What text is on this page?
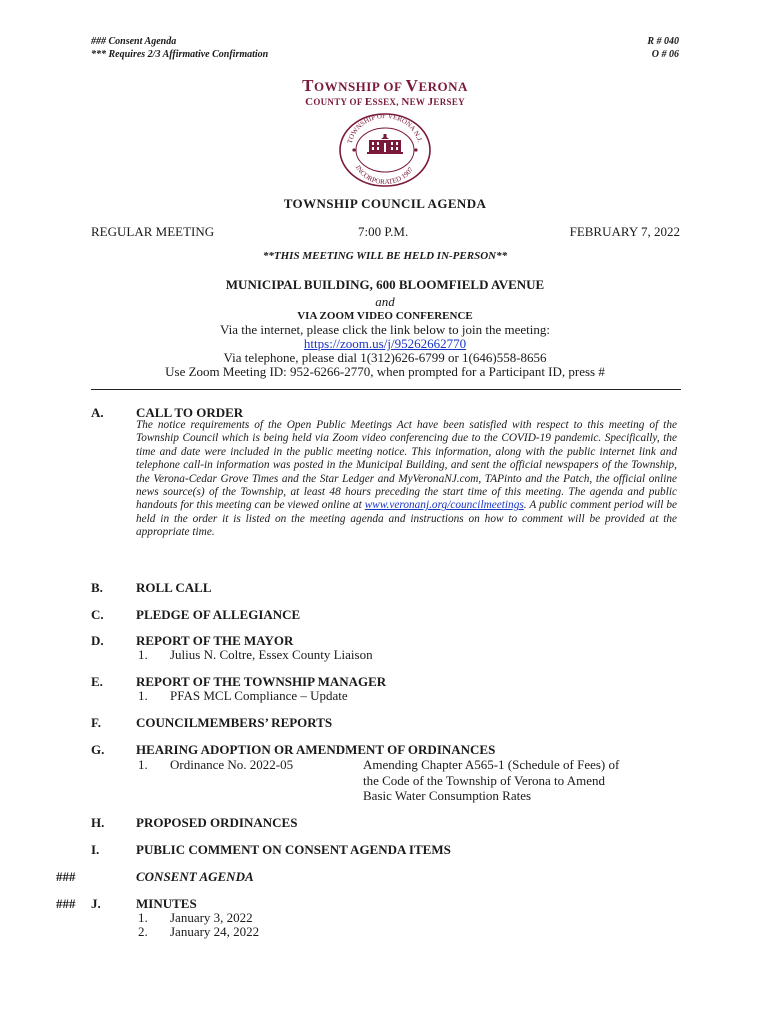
### Consent Agenda
*** Requires 2/3 Affirmative Confirmation
R # 040
O # 06
TOWNSHIP OF VERONA
COUNTY OF ESSEX, NEW JERSEY
TOWNSHIP OF VERONA N.J.
INCORPORATED 1907
TOWNSHIP COUNCIL AGENDA
REGULAR MEETING	7:00 P.M.	FEBRUARY 7, 2022
**THIS MEETING WILL BE HELD IN-PERSON**
MUNICIPAL BUILDING, 600 BLOOMFIELD AVENUE
and
VIA ZOOM VIDEO CONFERENCE
Via the internet, please click the link below to join the meeting:
https://zoom.us/j/95262662770
Via telephone, please dial 1(312)626-6799 or 1(646)558-8656
Use Zoom Meeting ID: 952-6266-2770, when prompted for a Participant ID, press #
A. CALL TO ORDER
The notice requirements of the Open Public Meetings Act have been satisfied with respect to this meeting of the Township Council which is being held via Zoom video conferencing due to the COVID-19 pandemic. Specifically, the time and date were included in the public meeting notice. This information, along with the public internet link and telephone call-in information was posted in the Municipal Building, and sent the official newspapers of the Township, the Verona-Cedar Grove Times and the Star Ledger and MyVeronaNJ.com, TAPinto and the Patch, the official online news source(s) of the Township, at least 48 hours preceding the start time of this meeting. The agenda and public handouts for this meeting can be viewed online at www.veronanj.org/councilmeetings. A public comment period will be held in the order it is listed on the meeting agenda and instructions on how to comment will be provided at the appropriate time.
B.	ROLL CALL
C. PLEDGE OF ALLEGIANCE
D. REPORT OF THE MAYOR
1. Julius N. Coltre, Essex County Liaison
E.	REPORT OF THE TOWNSHIP MANAGER
1. PFAS MCL Compliance – Update
F.	COUNCILMEMBERS’ REPORTS
G. HEARING ADOPTION OR AMENDMENT OF ORDINANCES
1. Ordinance No. 2022-05	Amending Chapter A565-1 (Schedule of Fees) of
the Code of the Township of Verona to Amend
Basic Water Consumption Rates
H. PROPOSED ORDINANCES
I.	PUBLIC COMMENT ON CONSENT AGENDA ITEMS
###	CONSENT AGENDA
### J.	MINUTES
1. January 3, 2022
2. January 24, 2022
